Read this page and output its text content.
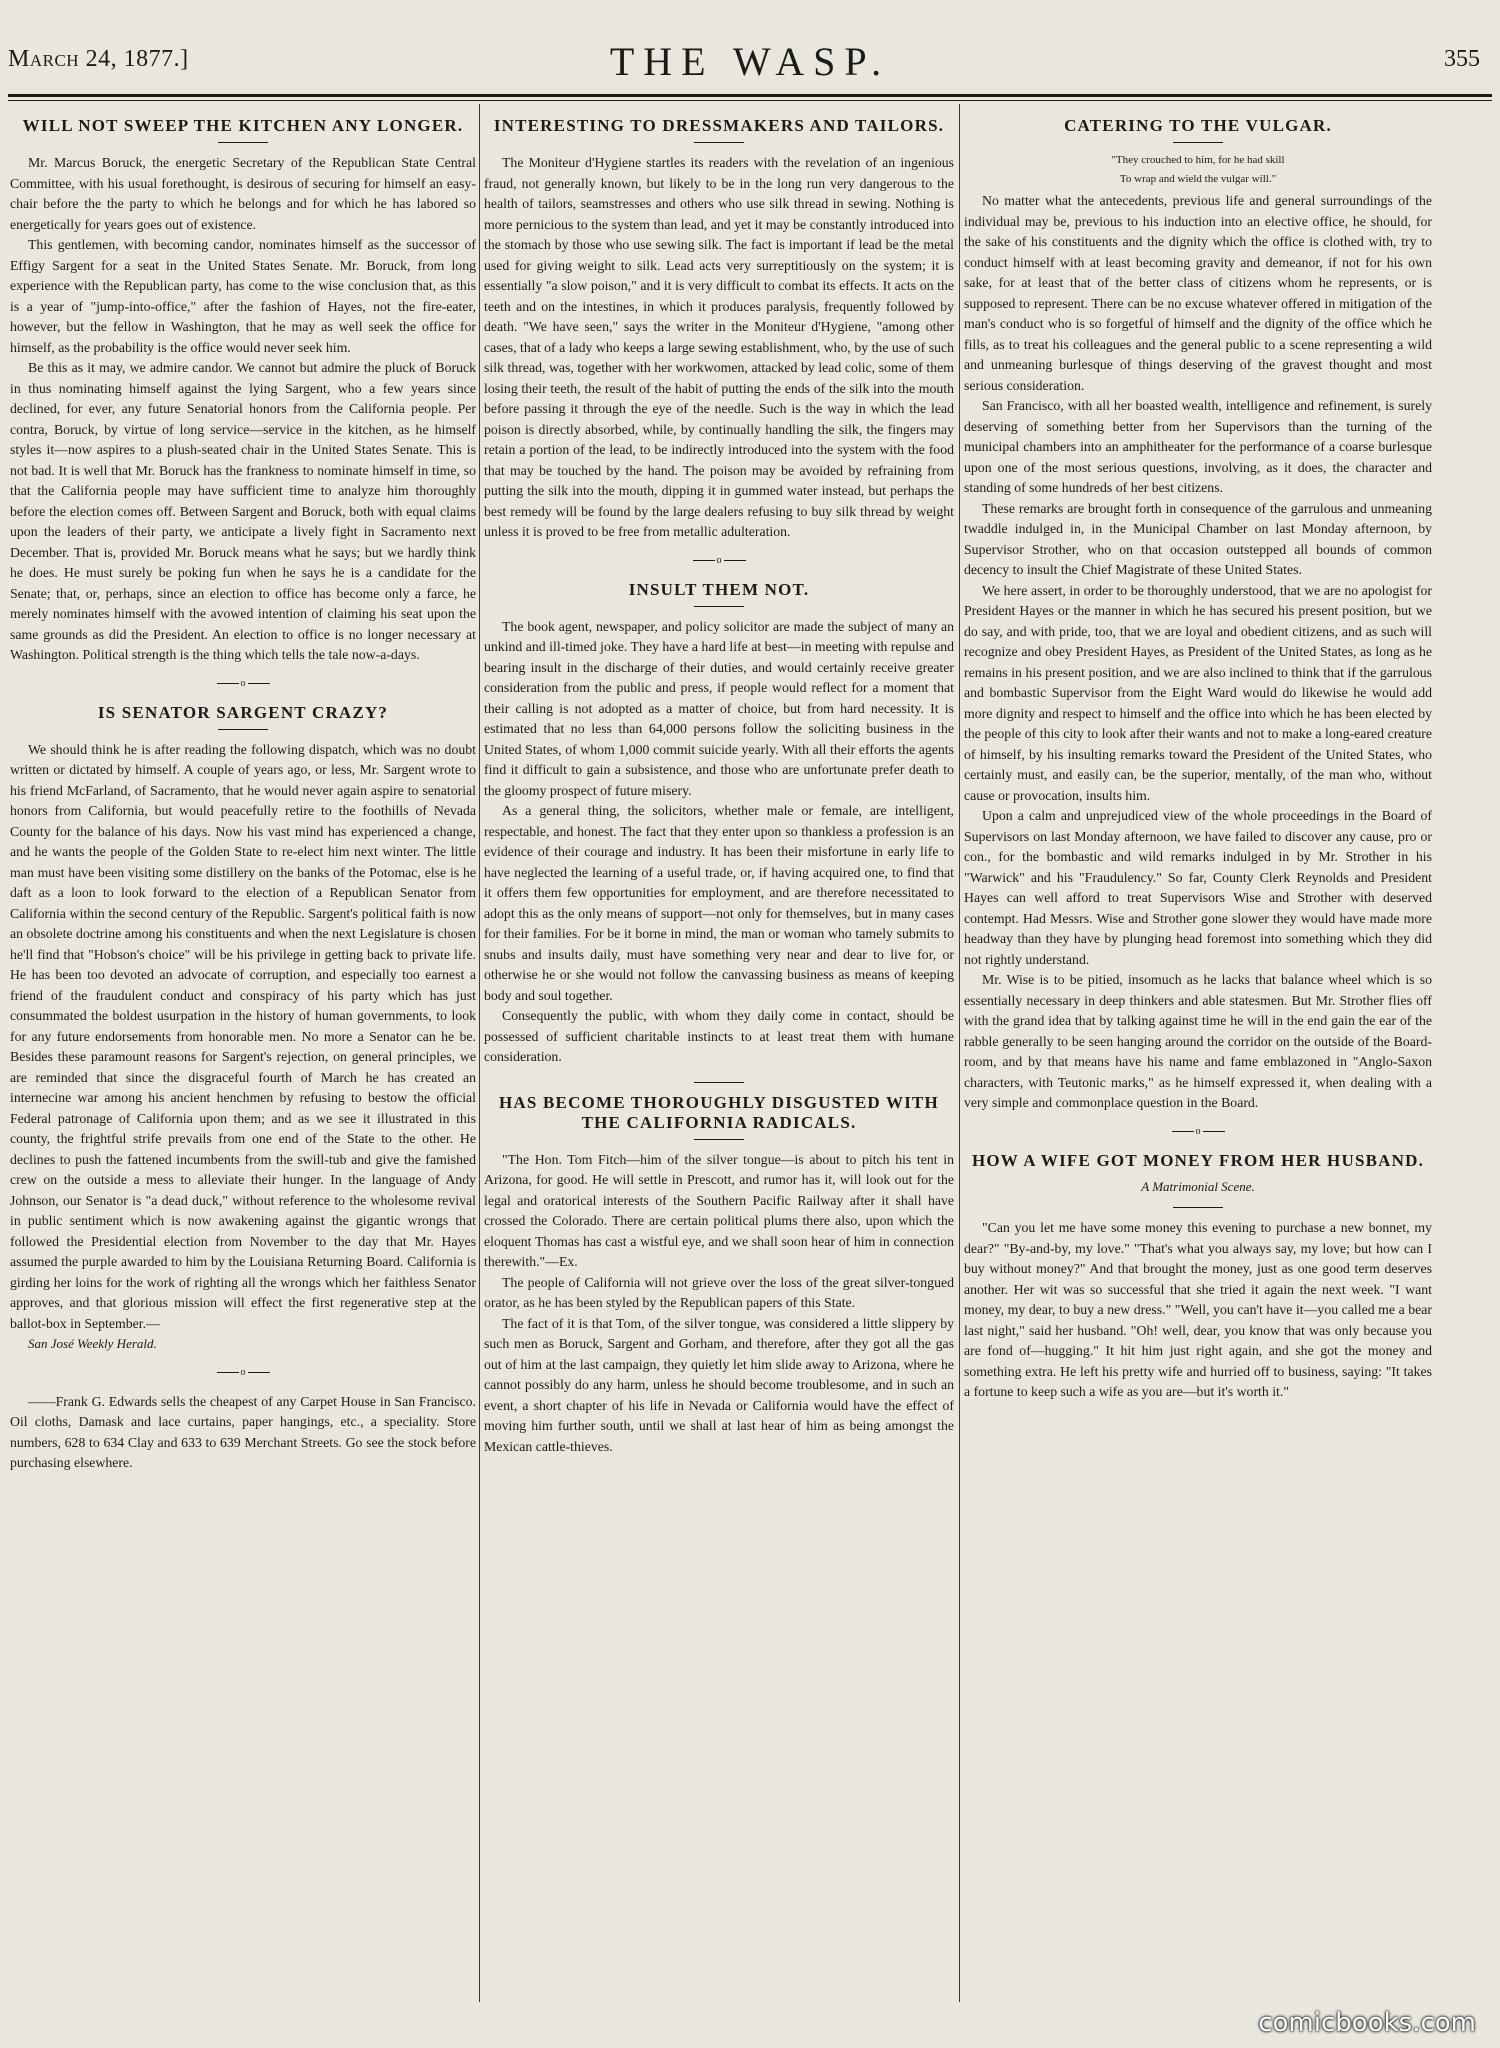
March 24, 1877.]	THE WASP.	355
WILL NOT SWEEP THE KITCHEN ANY LONGER.

Mr. Marcus Boruck, the energetic Secretary of the Republican State Central Committee, with his usual forethought, is desirous of securing for himself an easy-chair before the the party to which he belongs and for which he has labored so energetically for years goes out of existence.

This gentlemen, with becoming candor, nominates himself as the successor of Effigy Sargent for a seat in the United States Senate. Mr. Boruck, from long experience with the Republican party, has come to the wise conclusion that, as this is a year of "jump-into-office," after the fashion of Hayes, not the fire-eater, however, but the fellow in Washington, that he may as well seek the office for himself, as the probability is the office would never seek him.

Be this as it may, we admire candor. We cannot but admire the pluck of Boruck in thus nominating himself against the lying Sargent, who a few years since declined, for ever, any future Senatorial honors from the California people. Per contra, Boruck, by virtue of long service—service in the kitchen, as he himself styles it—now aspires to a plush-seated chair in the United States Senate. This is not bad. It is well that Mr. Boruck has the frankness to nominate himself in time, so that the California people may have sufficient time to analyze him thoroughly before the election comes off. Between Sargent and Boruck, both with equal claims upon the leaders of their party, we anticipate a lively fight in Sacramento next December. That is, provided Mr. Boruck means what he says; but we hardly think he does. He must surely be poking fun when he says he is a candidate for the Senate; that, or, perhaps, since an election to office has become only a farce, he merely nominates himself with the avowed intention of claiming his seat upon the same grounds as did the President. An election to office is no longer necessary at Washington. Political strength is the thing which tells the tale now-a-days.

o
IS SENATOR SARGENT CRAZY?

We should think he is after reading the following dispatch, which was no doubt written or dictated by himself. A couple of years ago, or less, Mr. Sargent wrote to his friend McFarland, of Sacramento, that he would never again aspire to senatorial honors from California, but would peacefully retire to the foothills of Nevada County for the balance of his days. Now his vast mind has experienced a change, and he wants the people of the Golden State to re-elect him next winter. The little man must have been visiting some distillery on the banks of the Potomac, else is he daft as a loon to look forward to the election of a Republican Senator from California within the second century of the Republic. Sargent's political faith is now an obsolete doctrine among his constituents and when the next Legislature is chosen he'll find that "Hobson's choice" will be his privilege in getting back to private life. He has been too devoted an advocate of corruption, and especially too earnest a friend of the fraudulent conduct and conspiracy of his party which has just consummated the boldest usurpation in the history of human governments, to look for any future endorsements from honorable men. No more a Senator can he be. Besides these paramount reasons for Sargent's rejection, on general principles, we are reminded that since the disgraceful fourth of March he has created an internecine war among his ancient henchmen by refusing to bestow the official Federal patronage of California upon them; and as we see it illustrated in this county, the frightful strife prevails from one end of the State to the other. He declines to push the fattened incumbents from the swill-tub and give the famished crew on the outside a mess to alleviate their hunger. In the language of Andy Johnson, our Senator is "a dead duck," without reference to the wholesome revival in public sentiment which is now awakening against the gigantic wrongs that followed the Presidential election from November to the day that Mr. Hayes assumed the purple awarded to him by the Louisiana Returning Board. California is girding her loins for the work of righting all the wrongs which her faithless Senator approves, and that glorious mission will effect the first regenerative step at the ballot-box in September.—

San José Weekly Herald.

o

——Frank G. Edwards sells the cheapest of any Carpet House in San Francisco. Oil cloths, Damask and lace curtains, paper hangings, etc., a speciality. Store numbers, 628 to 634 Clay and 633 to 639 Merchant Streets. Go see the stock before purchasing elsewhere.

INTERESTING TO DRESSMAKERS AND TAILORS.

The Moniteur d'Hygiene startles its readers with the revelation of an ingenious fraud, not generally known, but likely to be in the long run very dangerous to the health of tailors, seamstresses and others who use silk thread in sewing. Nothing is more pernicious to the system than lead, and yet it may be constantly introduced into the stomach by those who use sewing silk. The fact is important if lead be the metal used for giving weight to silk. Lead acts very surreptitiously on the system; it is essentially "a slow poison," and it is very difficult to combat its effects. It acts on the teeth and on the intestines, in which it produces paralysis, frequently followed by death. "We have seen," says the writer in the Moniteur d'Hygiene, "among other cases, that of a lady who keeps a large sewing establishment, who, by the use of such silk thread, was, together with her workwomen, attacked by lead colic, some of them losing their teeth, the result of the habit of putting the ends of the silk into the mouth before passing it through the eye of the needle. Such is the way in which the lead poison is directly absorbed, while, by continually handling the silk, the fingers may retain a portion of the lead, to be indirectly introduced into the system with the food that may be touched by the hand. The poison may be avoided by refraining from putting the silk into the mouth, dipping it in gummed water instead, but perhaps the best remedy will be found by the large dealers refusing to buy silk thread by weight unless it is proved to be free from metallic adulteration.

o
INSULT THEM NOT.

The book agent, newspaper, and policy solicitor are made the subject of many an unkind and ill-timed joke. They have a hard life at best—in meeting with repulse and bearing insult in the discharge of their duties, and would certainly receive greater consideration from the public and press, if people would reflect for a moment that their calling is not adopted as a matter of choice, but from hard necessity. It is estimated that no less than 64,000 persons follow the soliciting business in the United States, of whom 1,000 commit suicide yearly. With all their efforts the agents find it difficult to gain a subsistence, and those who are unfortunate prefer death to the gloomy prospect of future misery.

As a general thing, the solicitors, whether male or female, are intelligent, respectable, and honest. The fact that they enter upon so thankless a profession is an evidence of their courage and industry. It has been their misfortune in early life to have neglected the learning of a useful trade, or, if having acquired one, to find that it offers them few opportunities for employment, and are therefore necessitated to adopt this as the only means of support—not only for themselves, but in many cases for their families. For be it borne in mind, the man or woman who tamely submits to snubs and insults daily, must have something very near and dear to live for, or otherwise he or she would not follow the canvassing business as means of keeping body and soul together.

Consequently the public, with whom they daily come in contact, should be possessed of sufficient charitable instincts to at least treat them with humane consideration.

HAS BECOME THOROUGHLY DISGUSTED WITH THE CALIFORNIA RADICALS.

"The Hon. Tom Fitch—him of the silver tongue—is about to pitch his tent in Arizona, for good. He will settle in Prescott, and rumor has it, will look out for the legal and oratorical interests of the Southern Pacific Railway after it shall have crossed the Colorado. There are certain political plums there also, upon which the eloquent Thomas has cast a wistful eye, and we shall soon hear of him in connection therewith."—Ex.

The people of California will not grieve over the loss of the great silver-tongued orator, as he has been styled by the Republican papers of this State.

The fact of it is that Tom, of the silver tongue, was considered a little slippery by such men as Boruck, Sargent and Gorham, and therefore, after they got all the gas out of him at the last campaign, they quietly let him slide away to Arizona, where he cannot possibly do any harm, unless he should become troublesome, and in such an event, a short chapter of his life in Nevada or California would have the effect of moving him further south, until we shall at last hear of him as being amongst the Mexican cattle-thieves.

CATERING TO THE VULGAR.

"They crouched to him, for he had skill

To wrap and wield the vulgar will."

No matter what the antecedents, previous life and general surroundings of the individual may be, previous to his induction into an elective office, he should, for the sake of his constituents and the dignity which the office is clothed with, try to conduct himself with at least becoming gravity and demeanor, if not for his own sake, for at least that of the better class of citizens whom he represents, or is supposed to represent. There can be no excuse whatever offered in mitigation of the man's conduct who is so forgetful of himself and the dignity of the office which he fills, as to treat his colleagues and the general public to a scene representing a wild and unmeaning burlesque of things deserving of the gravest thought and most serious consideration.

San Francisco, with all her boasted wealth, intelligence and refinement, is surely deserving of something better from her Supervisors than the turning of the municipal chambers into an amphitheater for the performance of a coarse burlesque upon one of the most serious questions, involving, as it does, the character and standing of some hundreds of her best citizens.

These remarks are brought forth in consequence of the garrulous and unmeaning twaddle indulged in, in the Municipal Chamber on last Monday afternoon, by Supervisor Strother, who on that occasion outstepped all bounds of common decency to insult the Chief Magistrate of these United States.

We here assert, in order to be thoroughly understood, that we are no apologist for President Hayes or the manner in which he has secured his present position, but we do say, and with pride, too, that we are loyal and obedient citizens, and as such will recognize and obey President Hayes, as President of the United States, as long as he remains in his present position, and we are also inclined to think that if the garrulous and bombastic Supervisor from the Eight Ward would do likewise he would add more dignity and respect to himself and the office into which he has been elected by the people of this city to look after their wants and not to make a long-eared creature of himself, by his insulting remarks toward the President of the United States, who certainly must, and easily can, be the superior, mentally, of the man who, without cause or provocation, insults him.

Upon a calm and unprejudiced view of the whole proceedings in the Board of Supervisors on last Monday afternoon, we have failed to discover any cause, pro or con., for the bombastic and wild remarks indulged in by Mr. Strother in his "Warwick" and his "Fraudulency." So far, County Clerk Reynolds and President Hayes can well afford to treat Supervisors Wise and Strother with deserved contempt. Had Messrs. Wise and Strother gone slower they would have made more headway than they have by plunging head foremost into something which they did not rightly understand.

Mr. Wise is to be pitied, insomuch as he lacks that balance wheel which is so essentially necessary in deep thinkers and able statesmen. But Mr. Strother flies off with the grand idea that by talking against time he will in the end gain the ear of the rabble generally to be seen hanging around the corridor on the outside of the Board-room, and by that means have his name and fame emblazoned in "Anglo-Saxon characters, with Teutonic marks," as he himself expressed it, when dealing with a very simple and commonplace question in the Board.

o
HOW A WIFE GOT MONEY FROM HER HUSBAND.

A Matrimonial Scene.

"Can you let me have some money this evening to purchase a new bonnet, my dear?" "By-and-by, my love." "That's what you always say, my love; but how can I buy without money?" And that brought the money, just as one good term deserves another. Her wit was so successful that she tried it again the next week. "I want money, my dear, to buy a new dress." "Well, you can't have it—you called me a bear last night," said her husband. "Oh! well, dear, you know that was only because you are fond of—hugging." It hit him just right again, and she got the money and something extra. He left his pretty wife and hurried off to business, saying: "It takes a fortune to keep such a wife as you are—but it's worth it."

comicbooks.com
